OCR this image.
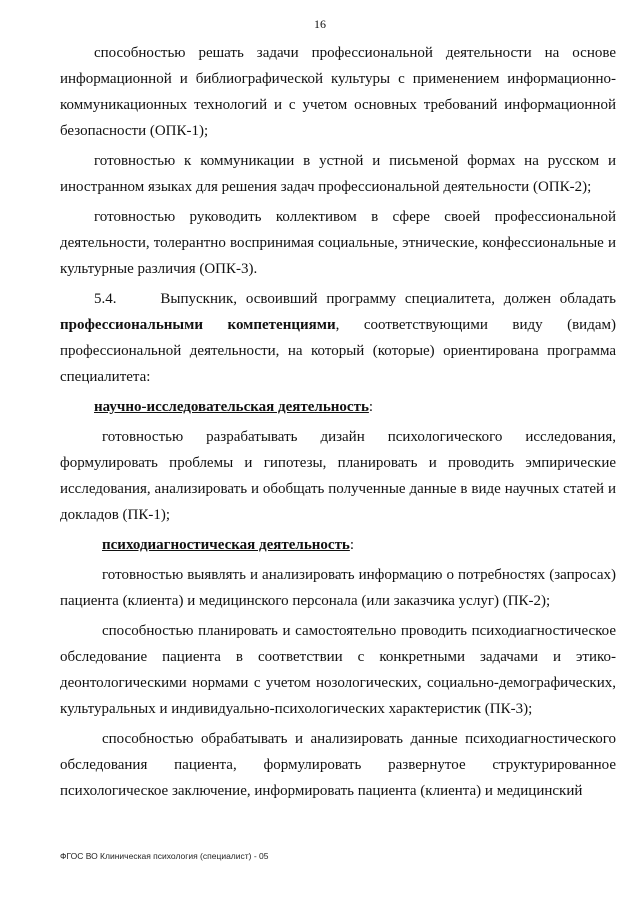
16

способностью решать задачи профессиональной деятельности на основе информационной и библиографической культуры с применением информационно-коммуникационных технологий и с учетом основных требований информационной безопасности (ОПК-1);

готовностью к коммуникации в устной и письменой формах на русском и иностранном языках для решения задач профессиональной деятельности (ОПК-2);

готовностью руководить коллективом в сфере своей профессиональной деятельности, толерантно воспринимая социальные, этнические, конфессиональные и культурные различия (ОПК-3).

5.4.	Выпускник, освоивший программу специалитета, должен обладать профессиональными компетенциями, соответствующими виду (видам) профессиональной деятельности, на который (которые) ориентирована программа специалитета:

научно-исследовательская деятельность:

готовностью разрабатывать дизайн психологического исследования, формулировать проблемы и гипотезы, планировать и проводить эмпирические исследования, анализировать и обобщать полученные данные в виде научных статей и докладов (ПК-1);

психодиагностическая деятельность:

готовностью выявлять и анализировать информацию о потребностях (запросах) пациента (клиента) и медицинского персонала (или заказчика услуг) (ПК-2);

способностью планировать и самостоятельно проводить психодиагностическое обследование пациента в соответствии с конкретными задачами и этико-деонтологическими нормами с учетом нозологических, социально-демографических, культуральных и индивидуально-психологических характеристик (ПК-3);

способностью обрабатывать и анализировать данные психодиагностического обследования пациента, формулировать развернутое структурированное психологическое заключение, информировать пациента (клиента) и медицинский

ФГОС ВО Клиническая психология (специалист) - 05
